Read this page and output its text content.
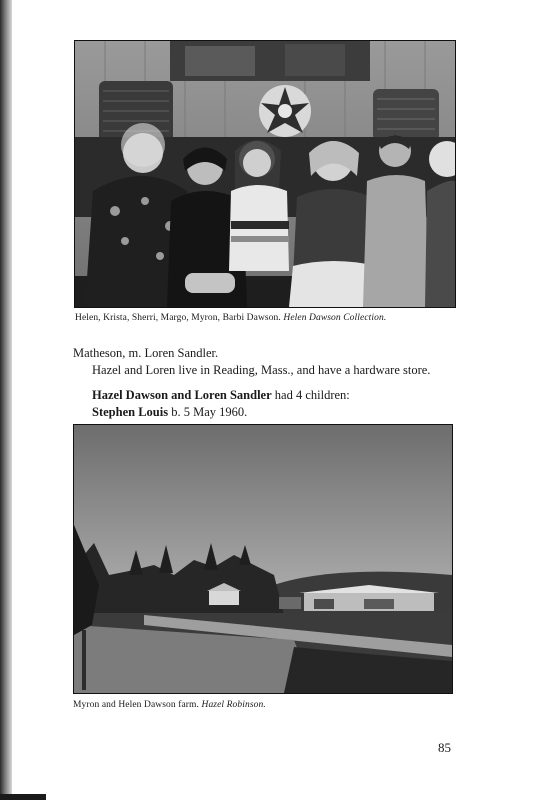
Helen, Krista, Sherri, Margo, Myron, Barbi Dawson. Helen Dawson Collection.
Matheson, m. Loren Sandler.
Hazel and Loren live in Reading, Mass., and have a hardware store.
Hazel Dawson and Loren Sandler had 4 children:
Stephen Louis b. 5 May 1960.
Myron and Helen Dawson farm. Hazel Robinson.
85
